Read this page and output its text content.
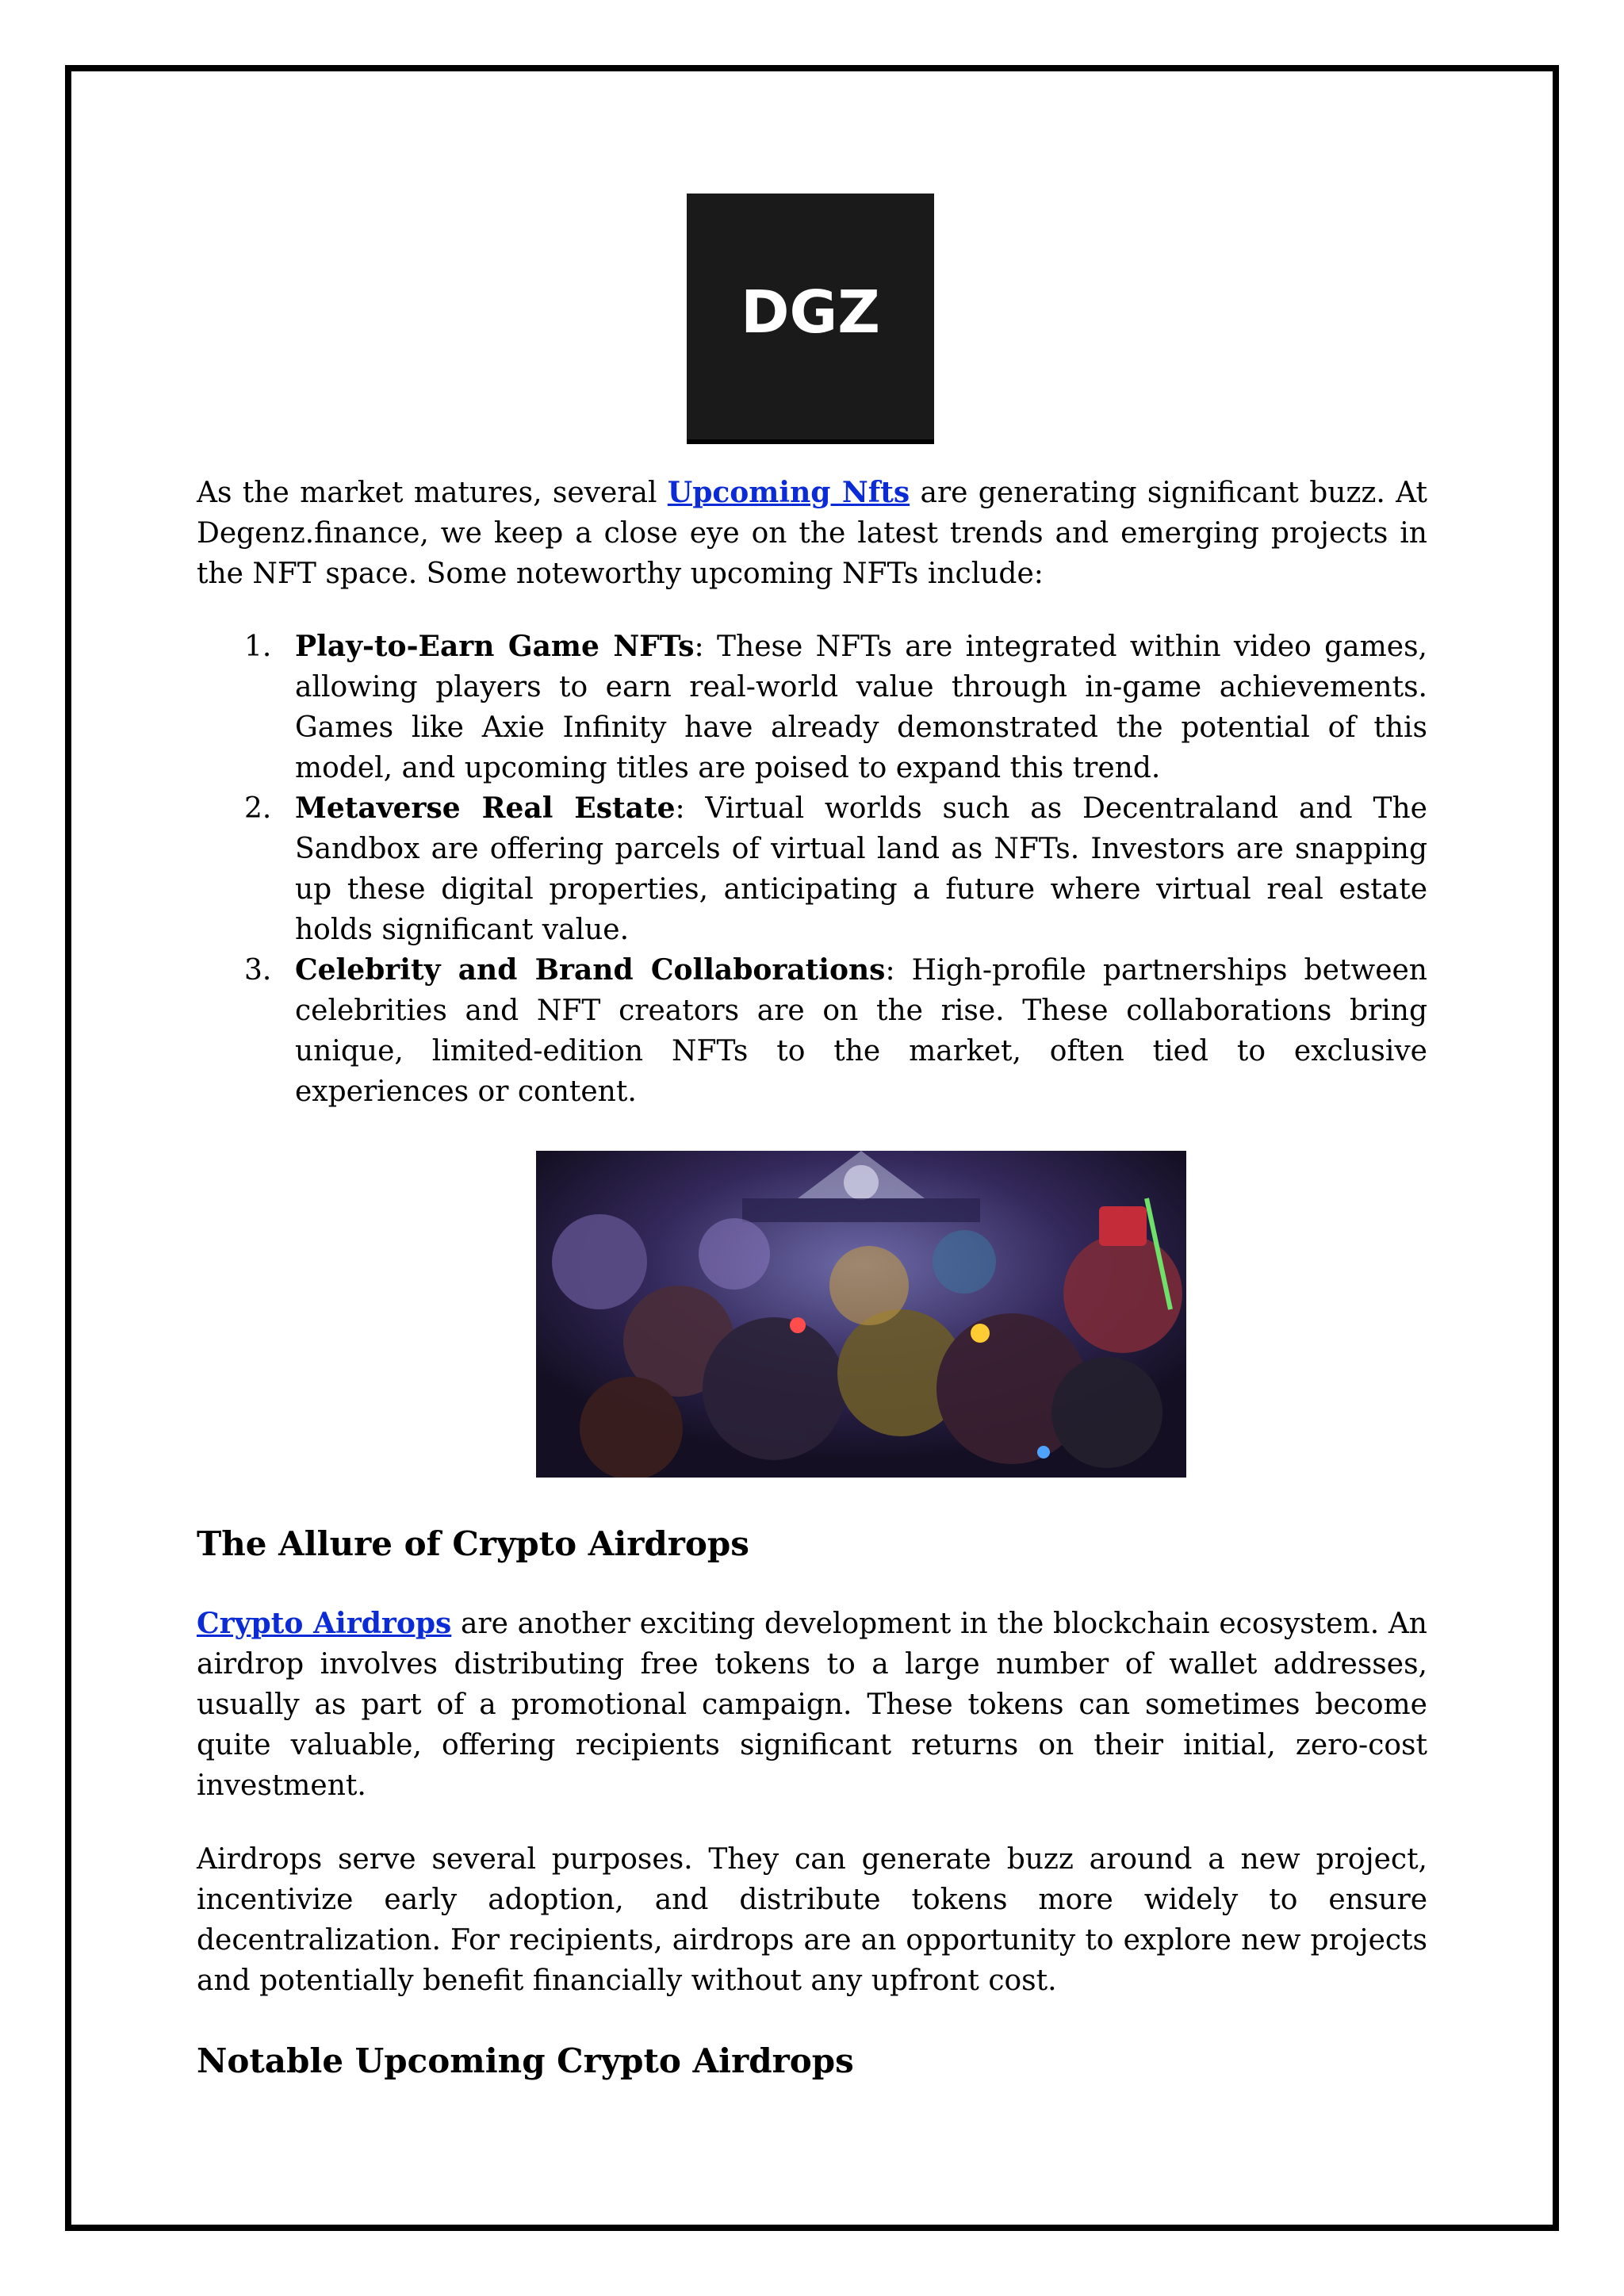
DGZ

As the market matures, several Upcoming Nfts are generating significant buzz. At Degenz.finance, we keep a close eye on the latest trends and emerging projects in the NFT space. Some noteworthy upcoming NFTs include:

1. Play-to-Earn Game NFTs: These NFTs are integrated within video games, allowing players to earn real-world value through in-game achievements. Games like Axie Infinity have already demonstrated the potential of this model, and upcoming titles are poised to expand this trend.
2. Metaverse Real Estate: Virtual worlds such as Decentraland and The Sandbox are offering parcels of virtual land as NFTs. Investors are snapping up these digital properties, anticipating a future where virtual real estate holds significant value.
3. Celebrity and Brand Collaborations: High-profile partnerships between celebrities and NFT creators are on the rise. These collaborations bring unique, limited-edition NFTs to the market, often tied to exclusive experiences or content.
The Allure of Crypto Airdrops

Crypto Airdrops are another exciting development in the blockchain ecosystem. An airdrop involves distributing free tokens to a large number of wallet addresses, usually as part of a promotional campaign. These tokens can sometimes become quite valuable, offering recipients significant returns on their initial, zero-cost investment.

Airdrops serve several purposes. They can generate buzz around a new project, incentivize early adoption, and distribute tokens more widely to ensure decentralization. For recipients, airdrops are an opportunity to explore new projects and potentially benefit financially without any upfront cost.

Notable Upcoming Crypto Airdrops
